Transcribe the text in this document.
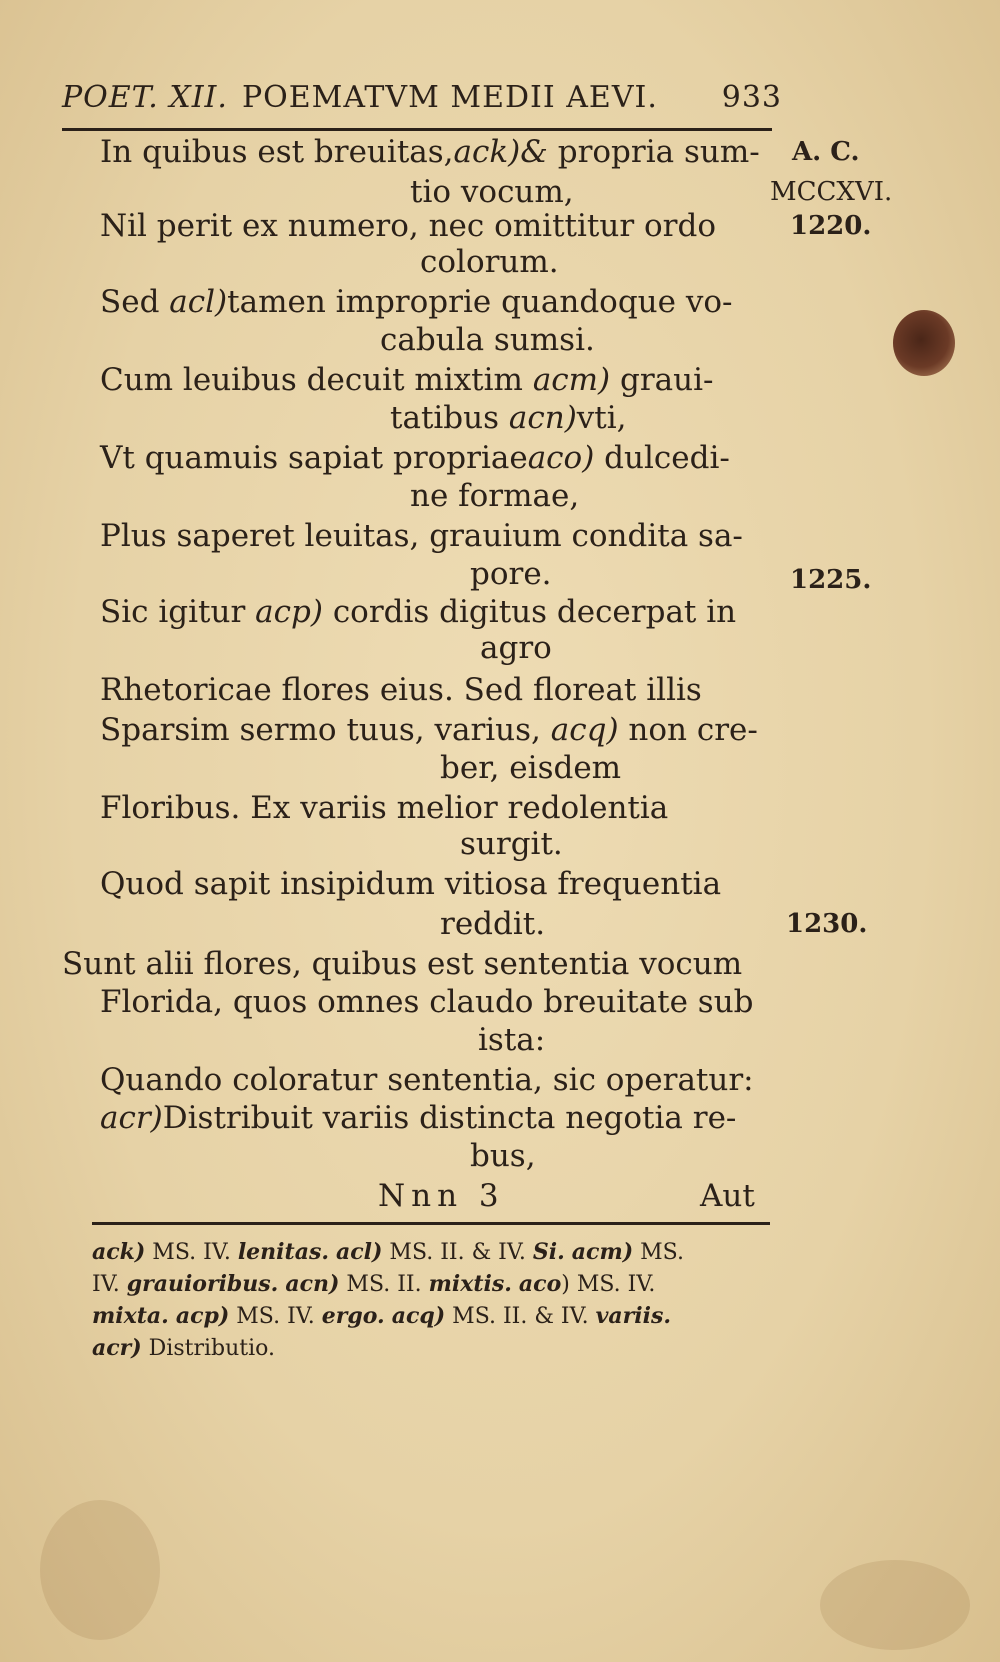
POET. XII. POEMATVM MEDII AEVI. 933
A. C.
MCCXVI.
1220.
1225.
1230.
In quibus est breuitas,ack)& propria sum-
tio vocum,
Nil perit ex numero, nec omittitur ordo
colorum.
Sed acl)tamen improprie quandoque vo-
cabula sumsi.
Cum leuibus decuit mixtim acm) graui-
tatibus acn)vti,
Vt quamuis sapiat propriaeaco) dulcedi-
ne formae,
Plus saperet leuitas, grauium condita sa-
pore.
Sic igitur acp) cordis digitus decerpat in
agro
Rhetoricae flores eius. Sed floreat illis
Sparsim sermo tuus, varius, acq) non cre-
ber, eisdem
Floribus. Ex variis melior redolentia
surgit.
Quod sapit insipidum vitiosa frequentia
reddit.
Sunt alii flores, quibus est sententia vocum
Florida, quos omnes claudo breuitate sub
ista:
Quando coloratur sententia, sic operatur:
acr)Distribuit variis distincta negotia re-
bus,
Nnn 3	Aut
ack) MS. IV. lenitas. acl) MS. II. & IV. Si. acm) MS.
IV. grauioribus. acn) MS. II. mixtis. aco) MS. IV.
mixta. acp) MS. IV. ergo. acq) MS. II. & IV. variis.
acr) Distributio.
